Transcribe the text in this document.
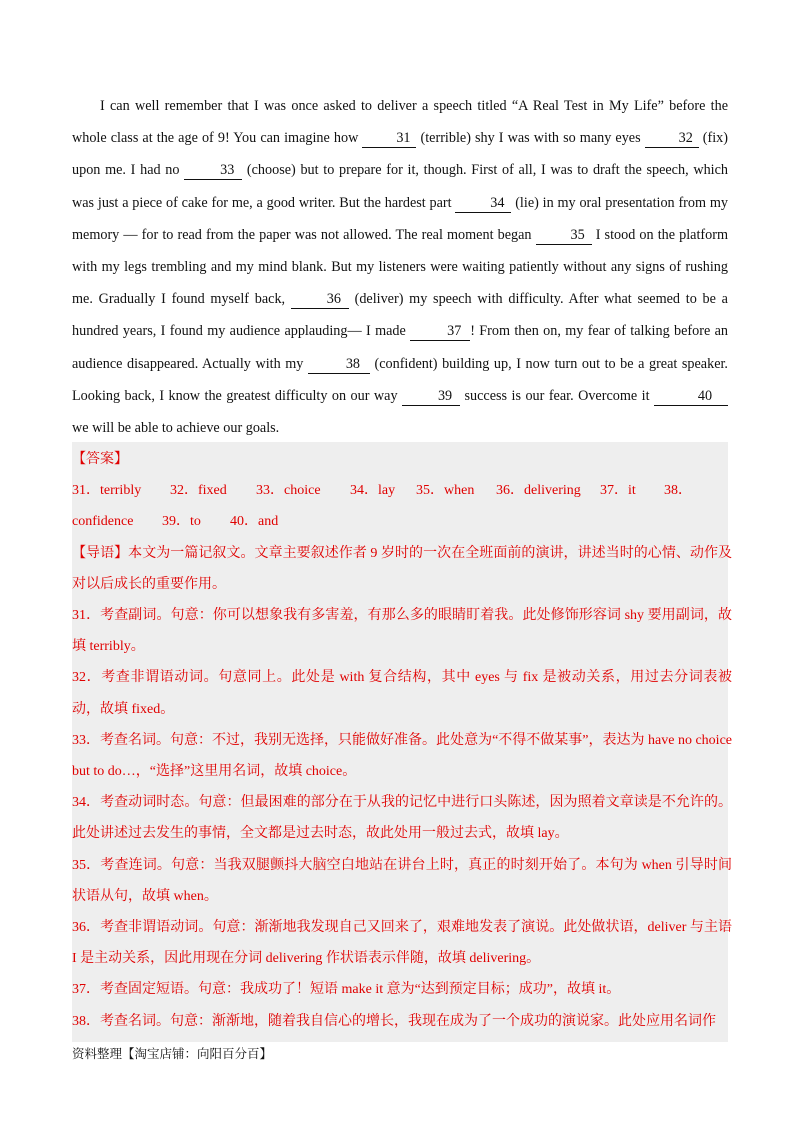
I can well remember that I was once asked to deliver a speech titled “A Real Test in My Life” before the whole class at the age of 9! You can imagine how 31 (terrible) shy I was with so many eyes 32 (fix) upon me. I had no	33 (choose) but to prepare for it, though. First of all, I was to draft the speech, which was just a piece of cake for me, a good writer. But the hardest part 34 (lie) in my oral presentation from my memory — for to read from the paper was not allowed. The real moment began 35 I stood on the platform with my legs trembling and my mind blank. But my listeners were waiting patiently without any signs of rushing me. Gradually I found myself back,	36 (deliver) my speech with difficulty. After what seemed to be a hundred years, I found my audience applauding— I made	37 ! From then on, my fear of talking before an audience disappeared. Actually with my	38 (confident) building up, I now turn out to be a great speaker. Looking back, I know the greatest difficulty on our way	39 success is our fear. Overcome it	40 we will be able to achieve our goals.

【答案】

31．terribly 32．fixed 33．choice 34．lay 35．when 36．delivering 37．it 38．

confidence 39．to 40．and

【导语】本文为一篇记叙文。文章主要叙述作者 9 岁时的一次在全班面前的演讲，讲述当时的心情、动作及对以后成长的重要作用。

31．考查副词。句意：你可以想象我有多害羞，有那么多的眼睛盯着我。此处修饰形容词 shy 要用副词，故填 terribly。

32．考查非谓语动词。句意同上。此处是 with 复合结构，其中 eyes 与 fix 是被动关系，用过去分词表被动，故填 fixed。

33．考查名词。句意：不过，我别无选择，只能做好准备。此处意为“不得不做某事”，表达为 have no choice but to do…，“选择”这里用名词，故填 choice。

34．考查动词时态。句意：但最困难的部分在于从我的记忆中进行口头陈述，因为照着文章读是不允许的。此处讲述过去发生的事情，全文都是过去时态，故此处用一般过去式，故填 lay。

35．考查连词。句意：当我双腿颤抖大脑空白地站在讲台上时，真正的时刻开始了。本句为 when 引导时间状语从句，故填 when。

36．考查非谓语动词。句意：渐渐地我发现自己又回来了，艰难地发表了演说。此处做状语，deliver 与主语 I 是主动关系，因此用现在分词 delivering 作状语表示伴随，故填 delivering。

37．考查固定短语。句意：我成功了！短语 make it 意为“达到预定目标；成功”，故填 it。

38．考查名词。句意：渐渐地，随着我自信心的增长，我现在成为了一个成功的演说家。此处应用名词作

资料整理【淘宝店铺：向阳百分百】
